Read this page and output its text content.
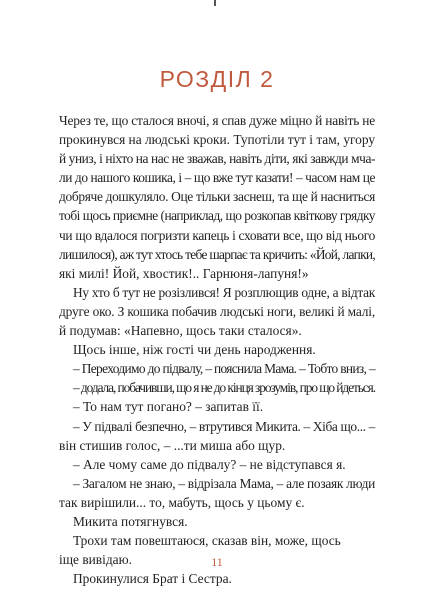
РОЗДІЛ 2
Через те, що сталося вночі, я спав дуже міцно й навіть не
прокинувся на людські кроки. Тупотіли тут і там, угору
й униз, і ніхто на нас не зважав, навіть діти, які завжди мча-
ли до нашого кошика, і – що вже тут казати! – часом нам це
добряче дошкуляло. Оце тільки заснеш, та ще й насниться
тобі щось приємне (наприклад, що розкопав квіткову грядку
чи що вдалося погризти капець і сховати все, що від нього
лишилося), аж тут хтось тебе шарпає та кричить: «Йой, лапки,
які милі! Йой, хвостик!.. Гарнюня-лапуня!»
Ну хто б тут не розізлився! Я розплющив одне, а відтак
друге око. З кошика побачив людські ноги, великі й малі,
й подумав: «Напевно, щось таки сталося».
Щось інше, ніж гості чи день народження.
– Переходимо до підвалу, – пояснила Мама. – Тобто вниз, –
– додала, побачивши, що я не до кінця зрозумів, про що йдеться.
– То нам тут погано? – запитав її.
– У підвалі безпечно, – втрутився Микита. – Хіба що... –
він стишив голос, – ...ти миша або щур.
– Але чому саме до підвалу? – не відступався я.
– Загалом не знаю, – відрізала Мама, – але позаяк люди
так вирішили... то, мабуть, щось у цьому є.
Микита потягнувся.
Трохи там повештаюся, сказав він, може, щось
іще вивідаю.
Прокинулися Брат і Сестра.
11
